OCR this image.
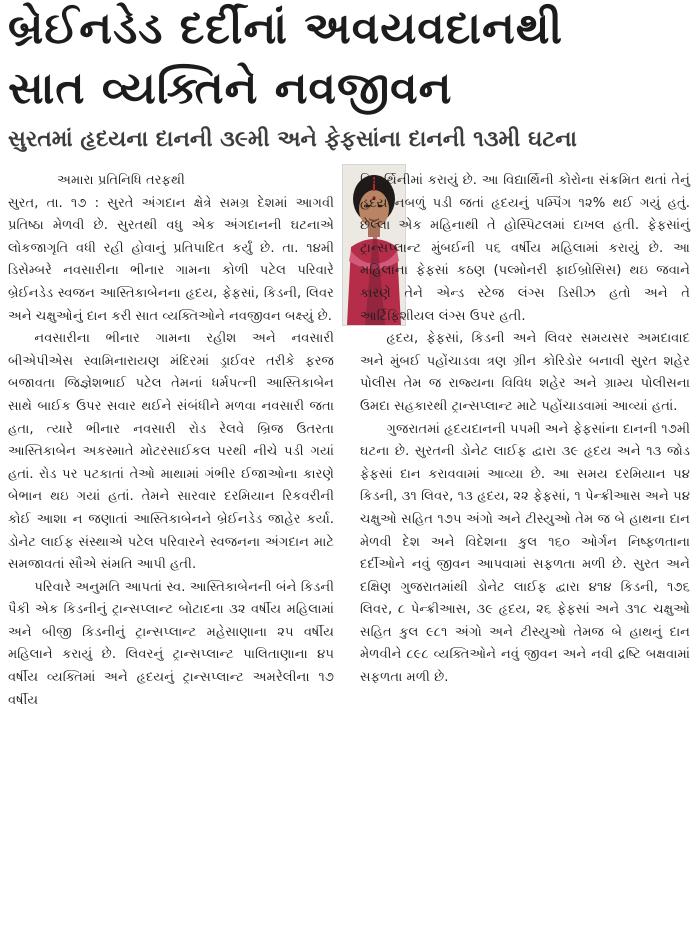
બ્રેઈનડેડ દર્દીનાં અવયવદાનથી
સાત વ્યક્તિને નવજીવન
સુરતમાં હૃદયના દાનની ૩૯મી અને ફેફસાંના દાનની ૧૩મી ઘટના
અમારા પ્રતિનિધિ તરફથી

સુરત, તા. ૧૭ : સુરતે અંગદાન ક્ષેત્રે સમગ્ર દેશમાં આગવી પ્રતિષ્ઠા મેળવી છે. સુરતથી વધુ એક અંગદાનની ઘટનાએ લોકજાગૃતિ વધી રહી હોવાનું પ્રતિપાદિત કર્યું છે. તા. ૧૪મી ડિસેમ્બરે નવસારીના ભીનાર ગામના કોળી પટેલ પરિવારે બ્રેઈનડેડ સ્વજન આસ્તિકાબેનના હૃદય, ફેફસાં, કિડની, લિવર અને ચક્ષુઓનું દાન કરી સાત વ્યક્તિઓને નવજીવન બક્ષ્યું છે.

નવસારીના ભીનાર ગામના રહીશ અને નવસારી બીએપીએસ સ્વામિનારાયણ મંદિરમાં ડ્રાઈવર તરીકે ફરજ બજાવતા જિજ્ઞેશભાઈ પટેલ તેમનાં ધર્મપત્ની આસ્તિકાબેન સાથે બાઈક ઉપર સવાર થઈને સંબંધીને મળવા નવસારી જતા હતા, ત્યારે ભીનાર નવસારી રોડ રેલવે બ્રિજ ઉતરતા આસ્તિકાબેન અકસ્માતે મોટરસાઈકલ પરથી નીચે પડી ગયાં હતાં. રોડ પર પટકાતાં તેઓ માથામાં ગંભીર ઈજાઓના કારણે બેભાન થઇ ગયાં હતાં. તેમને સારવાર દરમિયાન રિકવરીની કોઈ આશા ન જણાતાં આસ્તિકાબેનને બ્રેઈનડેડ જાહેર કર્યા. ડોનેટ લાઈફ સંસ્થાએ પટેલ પરિવારને સ્વજનના અંગદાન માટે સમજાવતાં સૌએ સંમતિ આપી હતી.

પરિવારે અનુમતિ આપતાં સ્વ. આસ્તિકાબેનની બંને કિડની પૈકી એક કિડનીનું ટ્રાન્સપ્લાન્ટ બોટાદના ૩૨ વર્ષીય મહિલામાં અને બીજી કિડનીનું ટ્રાન્સપ્લાન્ટ મહેસાણાના ૨૫ વર્ષીય મહિલાને કરાયું છે. લિવરનું ટ્રાન્સપ્લાન્ટ પાલિતાણાના ૪૫ વર્ષીય વ્યક્તિમાં અને હૃદયનું ટ્રાન્સપ્લાન્ટ અમરેલીના ૧૭ વર્ષીય

વિદ્યાર્થિનીમાં કરાયું છે. આ વિદ્યાર્થિની કોરોના સંક્રમિત થતાં તેનું હૃદય નબળું પડી જતાં હૃદયનું પમ્પિંગ ૧૨% થઈ ગયું હતું. છેલ્લા એક મહિનાથી તે હોસ્પિટલમાં દાખલ હતી. ફેફસાંનું ટ્રાન્સપ્લાન્ટ મુંબઈની ૫૬ વર્ષીય મહિલામાં કરાયું છે. આ મહિલાના ફેફસાં કઠણ (પલ્મોનરી ફાઈબ્રોસિસ) થઇ જવાને કારણે તેને એન્ડ સ્ટેજ લંગ્સ ડિસીઝ હતો અને તે આર્ટિફિશીયલ લંગ્સ ઉપર હતી.

હૃદય, ફેફસાં, કિડની અને લિવર સમયસર અમદાવાદ અને મુંબઈ પહોંચાડવા ત્રણ ગ્રીન કોરિડોર બનાવી સુરત શહેર પોલીસ તેમ જ રાજ્યના વિવિધ શહેર અને ગ્રામ્ય પોલીસના ઉમદા સહકારથી ટ્રાન્સપ્લાન્ટ માટે પહોંચાડવામાં આવ્યાં હતાં.

ગુજરાતમાં હૃદયદાનની ૫૫મી અને ફેફસાંના દાનની ૧૭મી ઘટના છે. સુરતની ડોનેટ લાઈફ દ્વારા ૩૯ હૃદય અને ૧૩ જોડ ફેફસાં દાન કરાવવામાં આવ્યા છે. આ સમય દરમિયાન ૫૪ કિડની, ૩૧ લિવર, ૧૩ હૃદય, ૨૨ ફેફસાં, ૧ પેન્ક્રીઆસ અને ૫૪ ચક્ષુઓ સહિત ૧૭૫ અંગો અને ટીસ્યુઓ તેમ જ બે હાથના દાન મેળવી દેશ અને વિદેશના કુલ ૧૬૦ ઓર્ગન નિષ્ફળતાના દર્દીઓને નવું જીવન આપવામાં સફળતા મળી છે. સુરત અને દક્ષિણ ગુજરાતમાંથી ડોનેટ લાઈફ દ્વારા ૪૧૪ કિડની, ૧૭૬ લિવર, ૮ પેન્ક્રીઆસ, ૩૯ હૃદય, ૨૬ ફેફસાં અને ૩૧૮ ચક્ષુઓ સહિત કુલ ૯૮૧ અંગો અને ટીસ્યુઓ તેમજ બે હાથનું દાન મેળવીને ૮૯૮ વ્યક્તિઓને નવું જીવન અને નવી દ્રષ્ટિ બક્ષવામાં સફળતા મળી છે.
